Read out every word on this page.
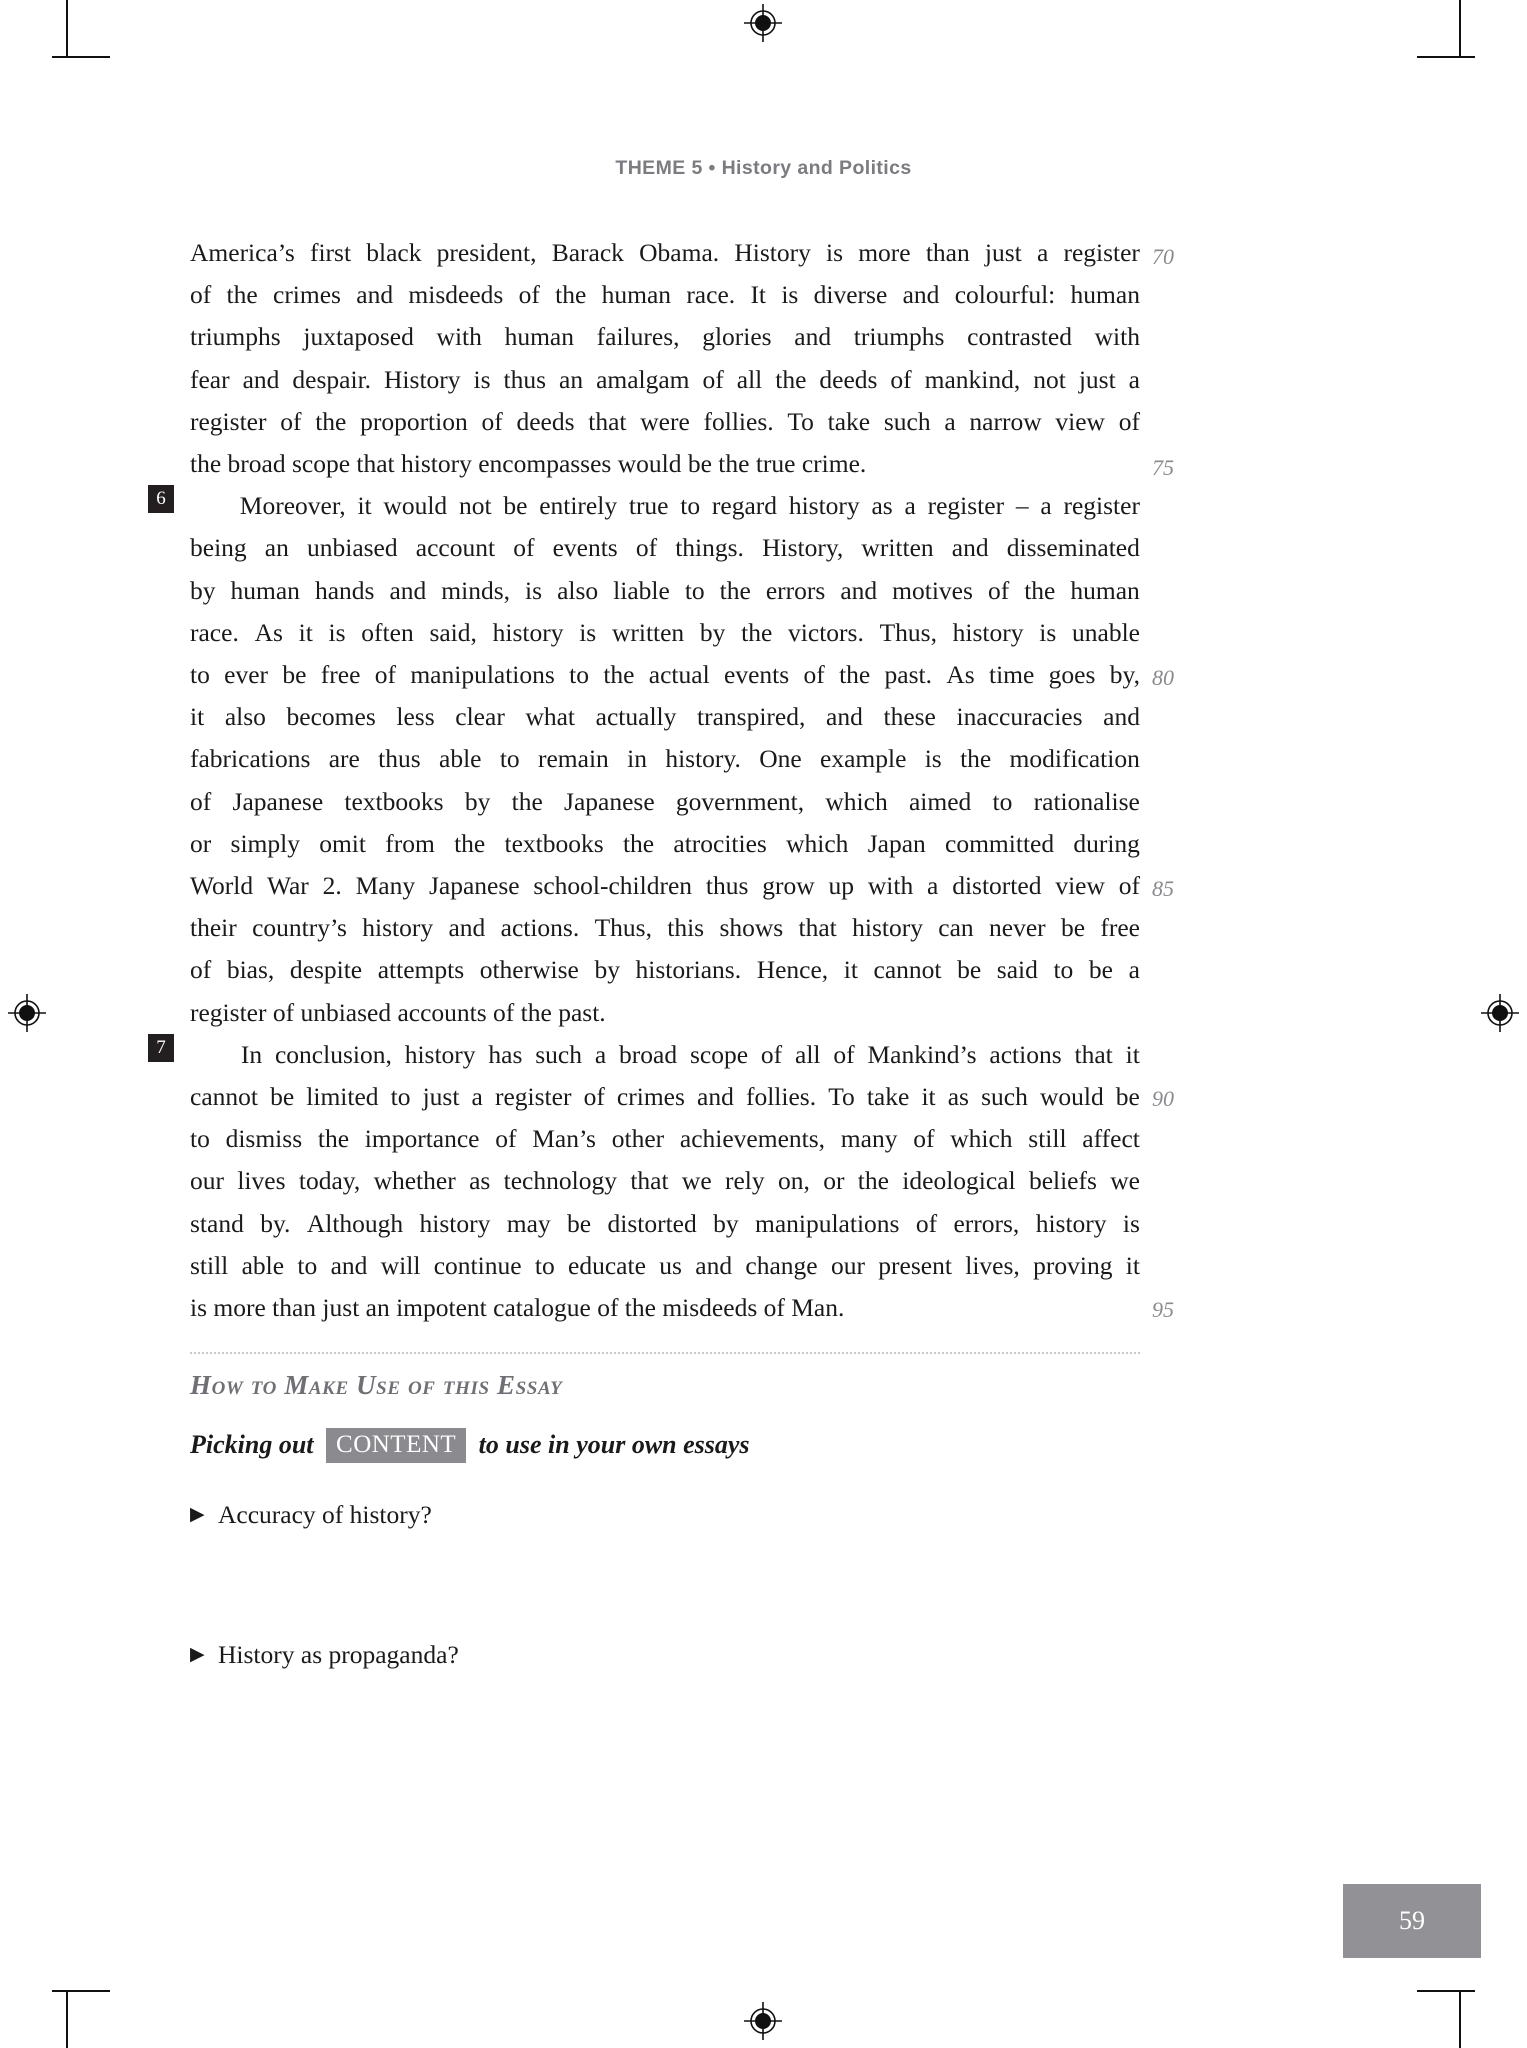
THEME 5 • History and Politics
America’s first black president, Barack Obama. History is more than just a register
of the crimes and misdeeds of the human race. It is diverse and colourful: human
triumphs juxtaposed with human failures, glories and triumphs contrasted with
fear and despair. History is thus an amalgam of all the deeds of mankind, not just a
register of the proportion of deeds that were follies. To take such a narrow view of
the broad scope that history encompasses would be the true crime.
6	Moreover, it would not be entirely true to regard history as a register – a register
being an unbiased account of events of things. History, written and disseminated
by human hands and minds, is also liable to the errors and motives of the human
race. As it is often said, history is written by the victors. Thus, history is unable
to ever be free of manipulations to the actual events of the past. As time goes by,
it also becomes less clear what actually transpired, and these inaccuracies and
fabrications are thus able to remain in history. One example is the modification
of Japanese textbooks by the Japanese government, which aimed to rationalise
or simply omit from the textbooks the atrocities which Japan committed during
World War 2. Many Japanese school-children thus grow up with a distorted view of
their country’s history and actions. Thus, this shows that history can never be free
of bias, despite attempts otherwise by historians. Hence, it cannot be said to be a
register of unbiased accounts of the past.
7	In conclusion, history has such a broad scope of all of Mankind’s actions that it
cannot be limited to just a register of crimes and follies. To take it as such would be
to dismiss the importance of Man’s other achievements, many of which still affect
our lives today, whether as technology that we rely on, or the ideological beliefs we
stand by. Although history may be distorted by manipulations of errors, history is
still able to and will continue to educate us and change our present lives, proving it
is more than just an impotent catalogue of the misdeeds of Man.
70
75
80
85
90
95
How to Make Use of this Essay
Picking out CONTENT to use in your own essays
▶ Accuracy of history?
▶ History as propaganda?
59
